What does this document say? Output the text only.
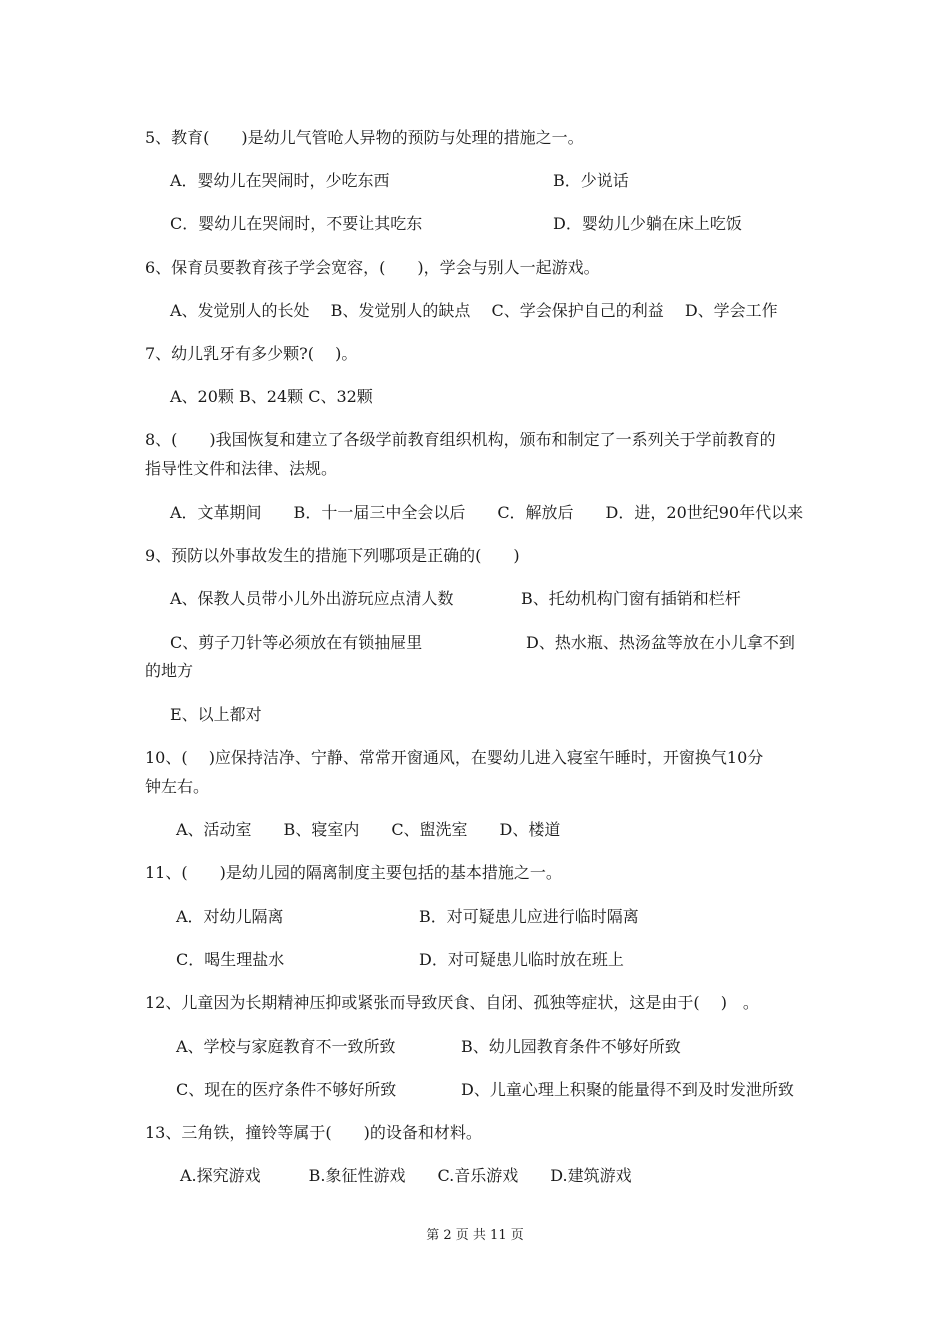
5、教育(　　)是幼儿气管呛人异物的预防与处理的措施之一。
A．婴幼儿在哭闹时，少吃东西	B．少说话
C．婴幼儿在哭闹时，不要让其吃东	D．婴幼儿少躺在床上吃饭
6、保育员要教育孩子学会宽容，(　　)，学会与别人一起游戏。
A、发觉别人的长处　 B、发觉别人的缺点　 C、学会保护自己的利益　 D、学会工作
7、幼儿乳牙有多少颗?(　 )。
A、20颗 B、24颗 C、32颗
8、(　　)我国恢复和建立了各级学前教育组织机构，颁布和制定了一系列关于学前教育的
指导性文件和法律、法规。
A．文革期间　　B．十一届三中全会以后　　C．解放后　　D．进，20世纪90年代以来
9、预防以外事故发生的措施下列哪项是正确的(　　)
A、保教人员带小儿外出游玩应点清人数	B、托幼机构门窗有插销和栏杆
C、剪子刀针等必须放在有锁抽屉里	D、热水瓶、热汤盆等放在小儿拿不到
的地方
E、以上都对
10、(　 )应保持洁净、宁静、常常开窗通风，在婴幼儿进入寝室午睡时，开窗换气10分
钟左右。
A、活动室　　B、寝室内　　C、盥洗室　　D、楼道
11、(　　)是幼儿园的隔离制度主要包括的基本措施之一。
A．对幼儿隔离	B．对可疑患儿应进行临时隔离
C．喝生理盐水	D．对可疑患儿临时放在班上
12、儿童因为长期精神压抑或紧张而导致厌食、自闭、孤独等症状，这是由于(　 )　。
A、学校与家庭教育不一致所致	B、幼儿园教育条件不够好所致
C、现在的医疗条件不够好所致	D、儿童心理上积聚的能量得不到及时发泄所致
13、三角铁，撞铃等属于(　　)的设备和材料。
A.探究游戏　　　B.象征性游戏　　C.音乐游戏　　D.建筑游戏
第 2 页 共 11 页
